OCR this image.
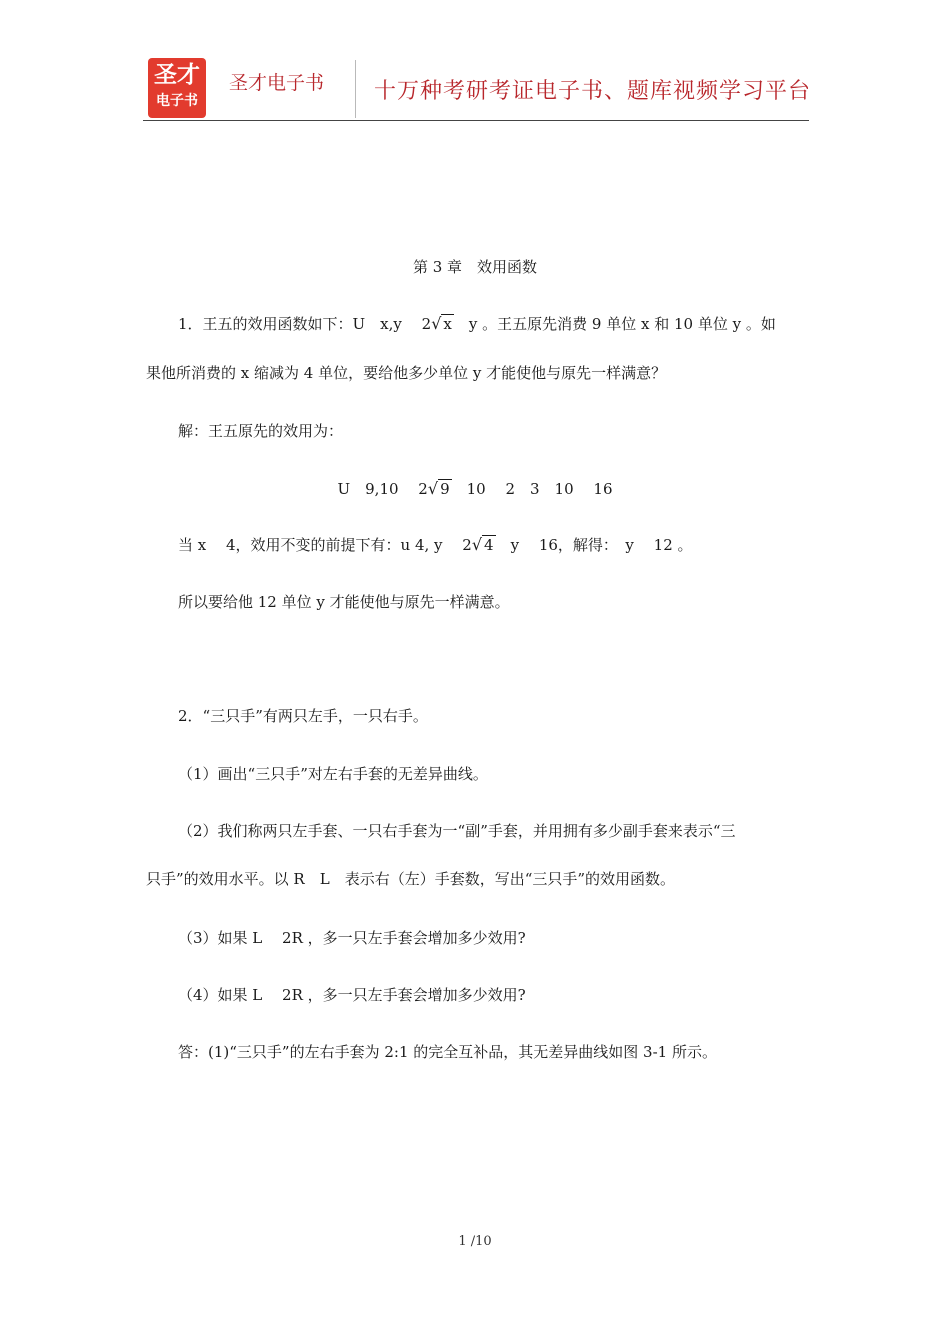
圣才
电子书
圣才电子书 十万种考研考证电子书、题库视频学习平台
第 3 章　效用函数
1．王五的效用函数如下：U　x,y　 2√ x　y 。王五原先消费 9 单位 x 和 10 单位 y 。如
果他所消费的 x 缩减为 4 单位，要给他多少单位 y 才能使他与原先一样满意？
解：王五原先的效用为：
U　9,10　 2√ 9　10　 2　3　10　 16
当 x　 4，效用不变的前提下有：u 4, y　 2√ 4　y　 16，解得：　y　 12 。
所以要给他 12 单位 y 才能使他与原先一样满意。
2．“三只手”有两只左手，一只右手。
（1）画出“三只手”对左右手套的无差异曲线。
（2）我们称两只左手套、一只右手套为一“副”手套，并用拥有多少副手套来表示“三
只手”的效用水平。以 R　L　表示右（左）手套数，写出“三只手”的效用函数。
（3）如果 L　 2R ，多一只左手套会增加多少效用?
（4）如果 L　 2R ，多一只左手套会增加多少效用?
答：(1)“三只手”的左右手套为 2:1 的完全互补品，其无差异曲线如图 3-1 所示。
1 /10
